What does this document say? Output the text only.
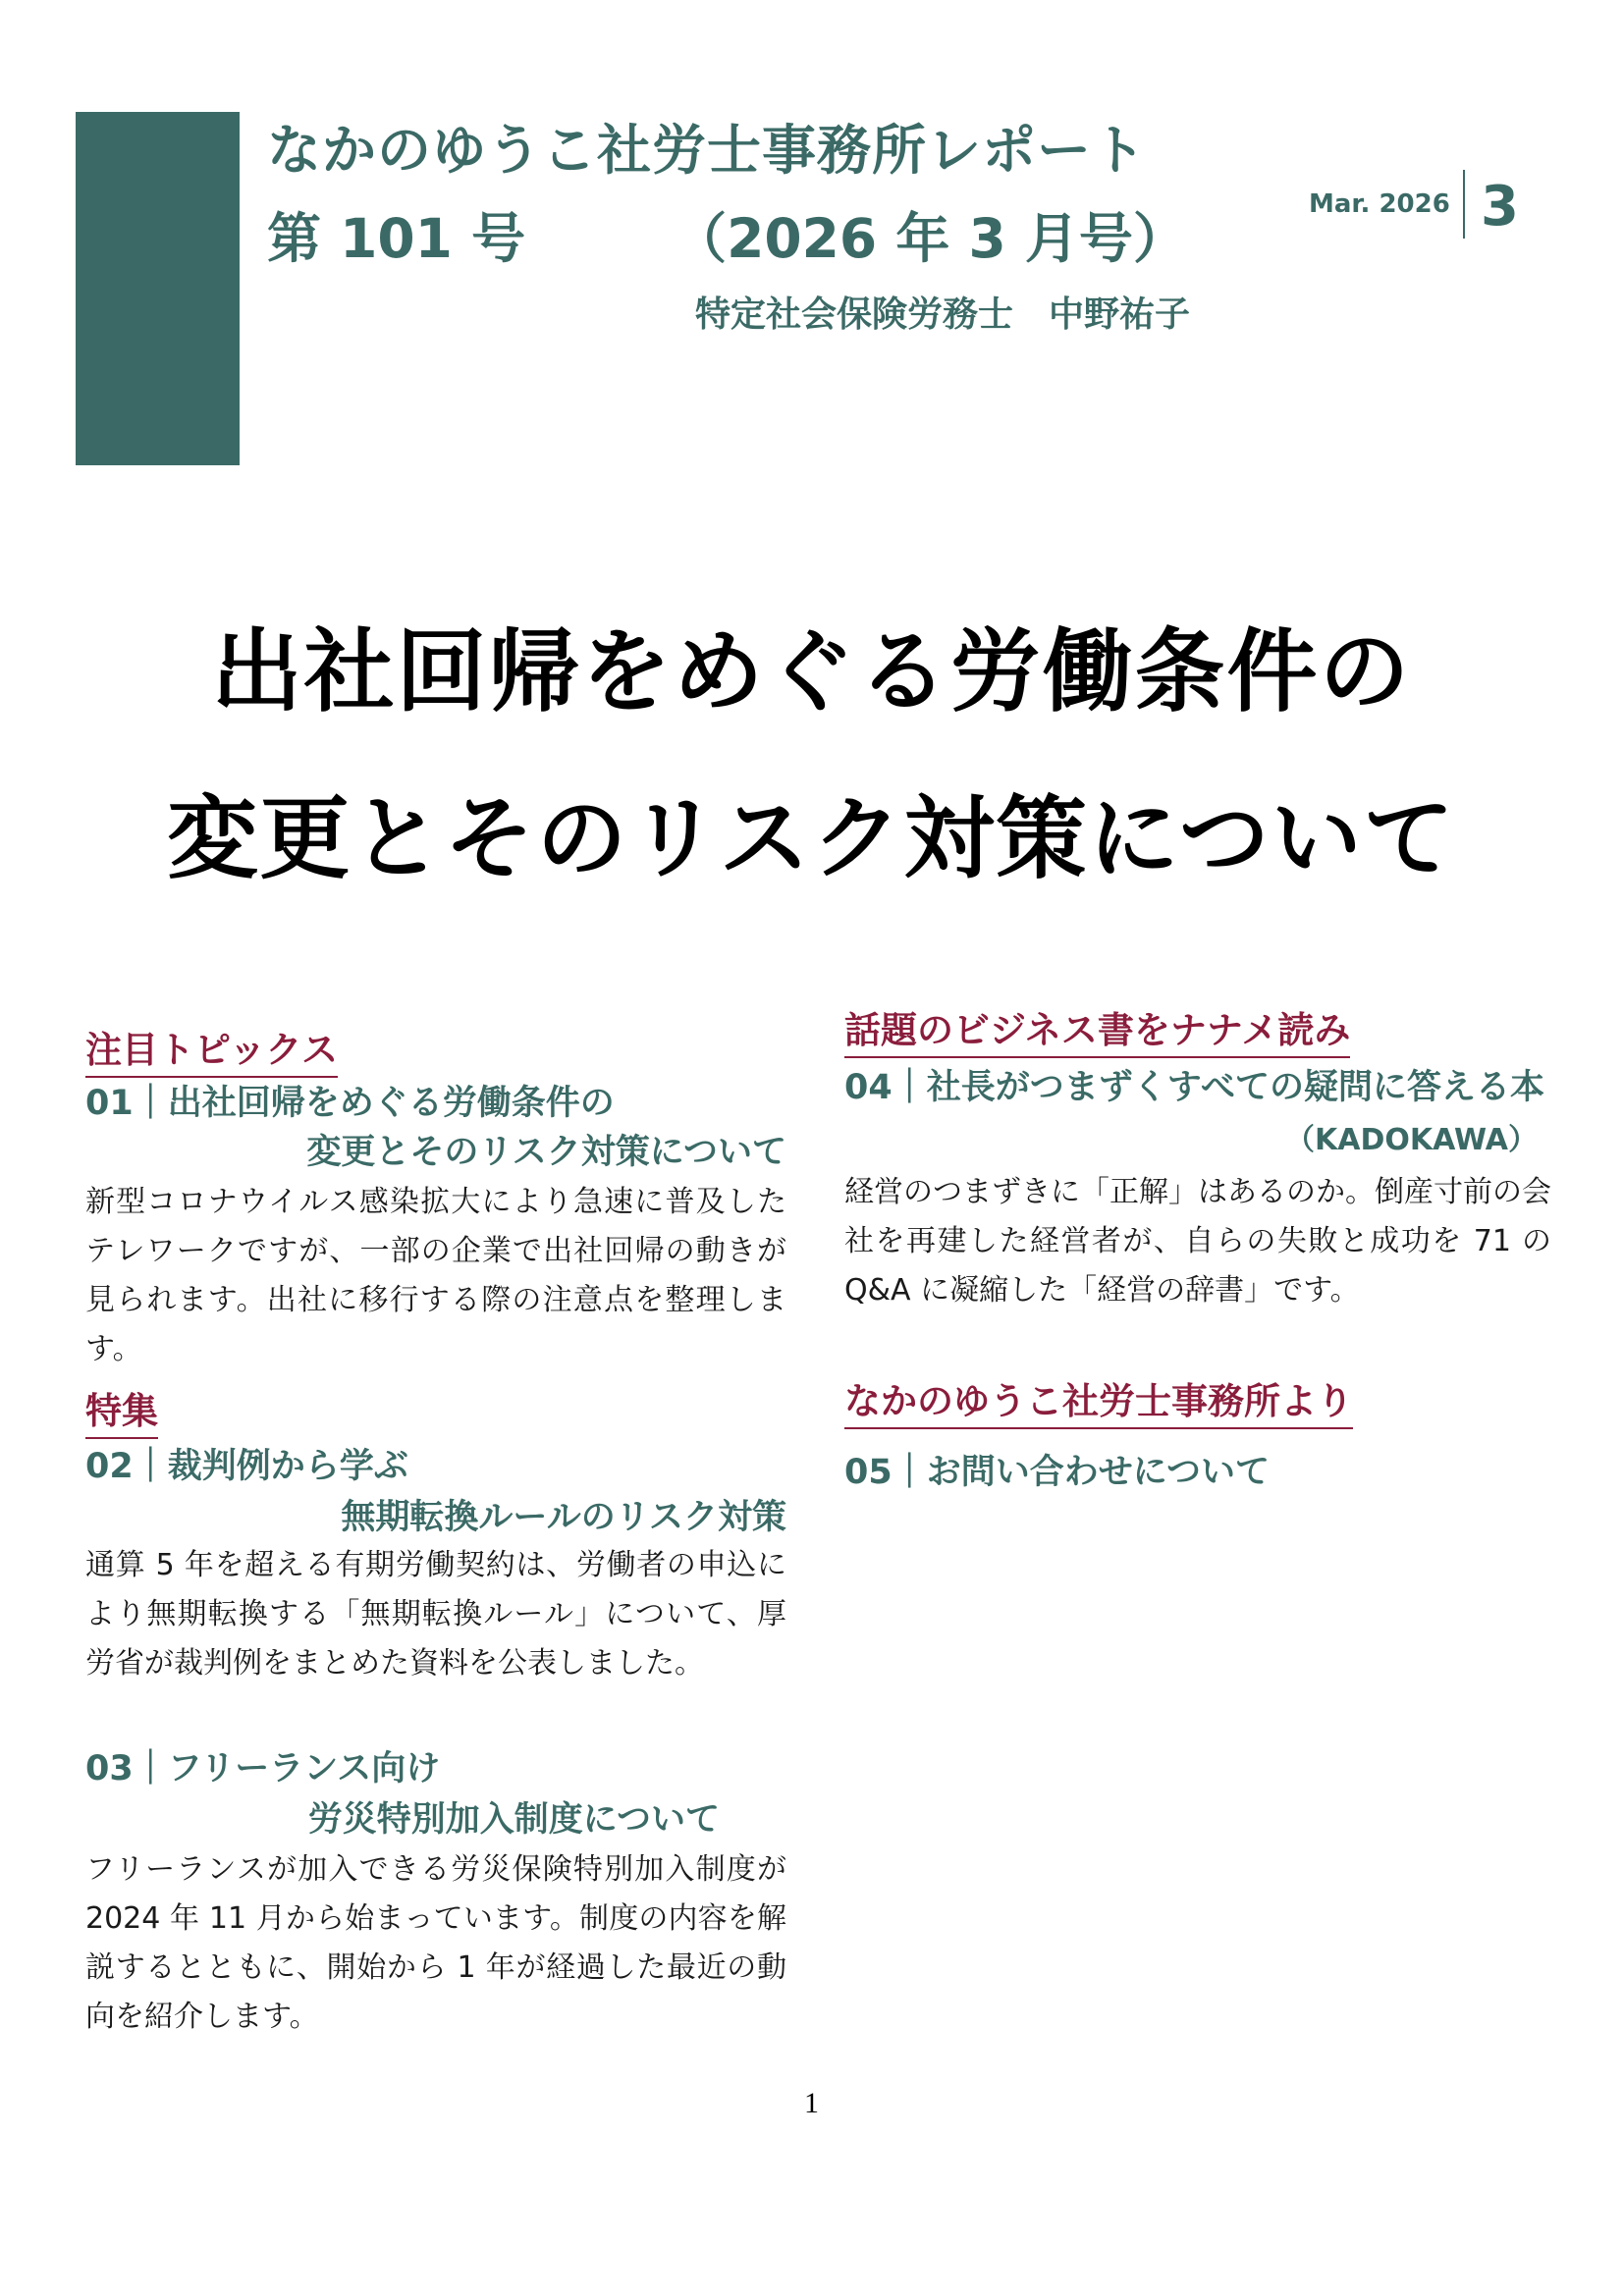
なかのゆうこ社労士事務所レポート
第 101 号	（2026 年 3 月号）
特定社会保険労務士　中野祐子
Mar. 2026 3
出社回帰をめぐる労働条件の
変更とそのリスク対策について
注目トピックス
01｜出社回帰をめぐる労働条件の
変更とそのリスク対策について
新型コロナウイルス感染拡大により急速に普及したテレワークですが、一部の企業で出社回帰の動きが見られます。出社に移行する際の注意点を整理します。
特集
02｜裁判例から学ぶ
無期転換ルールのリスク対策
通算 5 年を超える有期労働契約は、労働者の申込により無期転換する「無期転換ルール」について、厚労省が裁判例をまとめた資料を公表しました。
03｜フリーランス向け
労災特別加入制度について
フリーランスが加入できる労災保険特別加入制度が 2024 年 11 月から始まっています。制度の内容を解説するとともに、開始から 1 年が経過した最近の動向を紹介します。
話題のビジネス書をナナメ読み
04｜社長がつまずくすべての疑問に答える本
（KADOKAWA）
経営のつまずきに「正解」はあるのか。倒産寸前の会社を再建した経営者が、自らの失敗と成功を 71 の Q&A に凝縮した「経営の辞書」です。
なかのゆうこ社労士事務所より
05｜お問い合わせについて
1
